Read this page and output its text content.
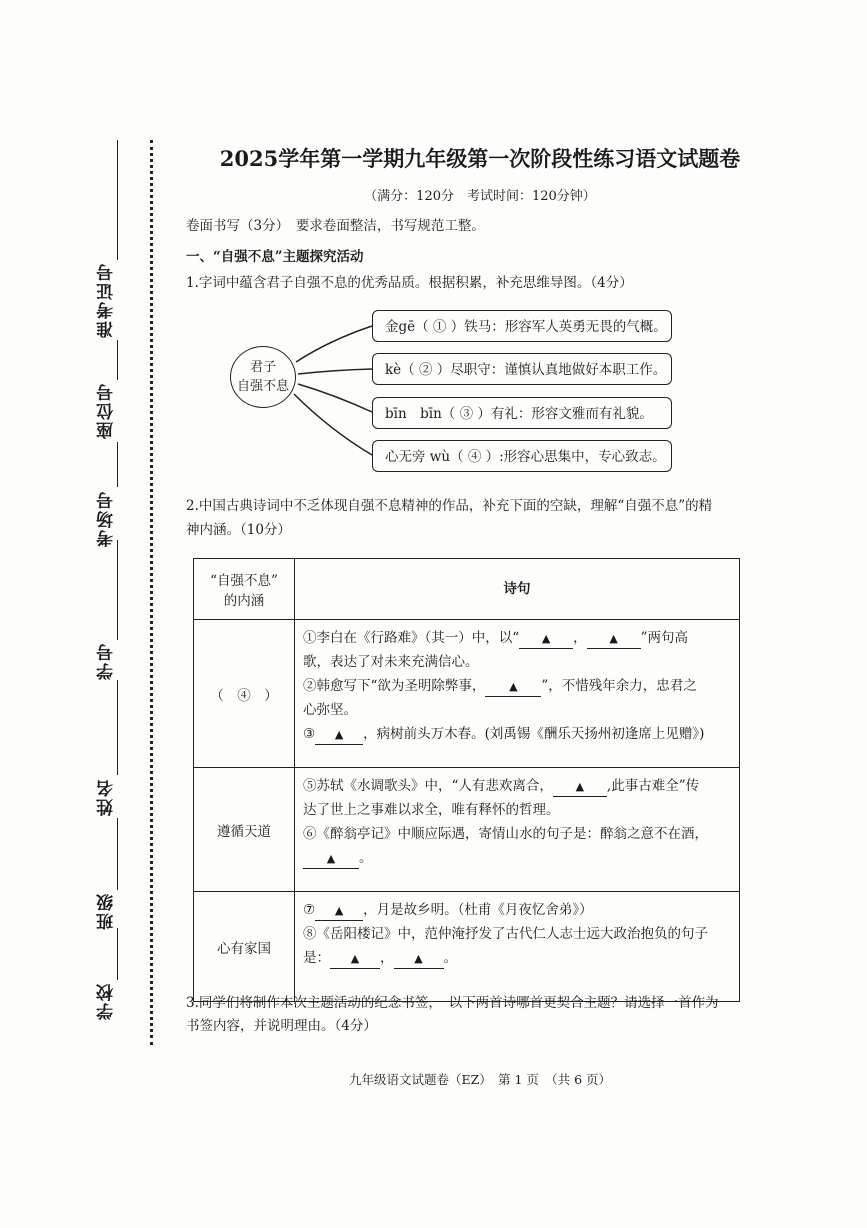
准考证号
座位号
考场号
学号
姓名
班级
学校
2025学年第一学期九年级第一次阶段性练习语文试题卷
（满分：120分　考试时间：120分钟）
卷面书写（3分）　要求卷面整洁，书写规范工整。
一、“自强不息”主题探究活动
1.字词中蕴含君子自强不息的优秀品质。根据积累，补充思维导图。（4分）
君子
自强不息
金gē（ ① ）铁马：形容军人英勇无畏的气概。
kè（ ② ）尽职守：谨慎认真地做好本职工作。
bīn　bīn（ ③ ）有礼：形容文雅而有礼貌。
心无旁 wù（ ④ ）:形容心思集中，专心致志。
2.中国古典诗词中不乏体现自强不息精神的作品，补充下面的空缺，理解“自强不息”的精
神内涵。（10分）
“自强不息”
的内涵	诗句
（　④　）	①李白在《行路难》（其一）中，以“ ▲ ， ▲ ”两句高
歌，表达了对未来充满信心。
②韩愈写下“欲为圣明除弊事， ▲ ”，不惜残年余力，忠君之
心弥坚。
③ ▲ ，病树前头万木春。(刘禹锡《酬乐天扬州初逢席上见赠》)

遵循天道	⑤苏轼《水调歌头》中，“人有悲欢离合， ▲ ,此事古难全”传
达了世上之事难以求全，唯有释怀的哲理。
⑥《醉翁亭记》中顺应际遇，寄情山水的句子是：醉翁之意不在酒，
▲ 。

心有家国	⑦ ▲ ，月是故乡明。（杜甫《月夜忆舍弟》）
⑧《岳阳楼记》中，范仲淹抒发了古代仁人志士远大政治抱负的句子
是： ▲ ， ▲ 。
3.同学们将制作本次主题活动的纪念书签，　以下两首诗哪首更契合主题？请选择一首作为
书签内容，并说明理由。（4分）
九年级语文试题卷（EZ）　第 1 页　（共 6 页）
